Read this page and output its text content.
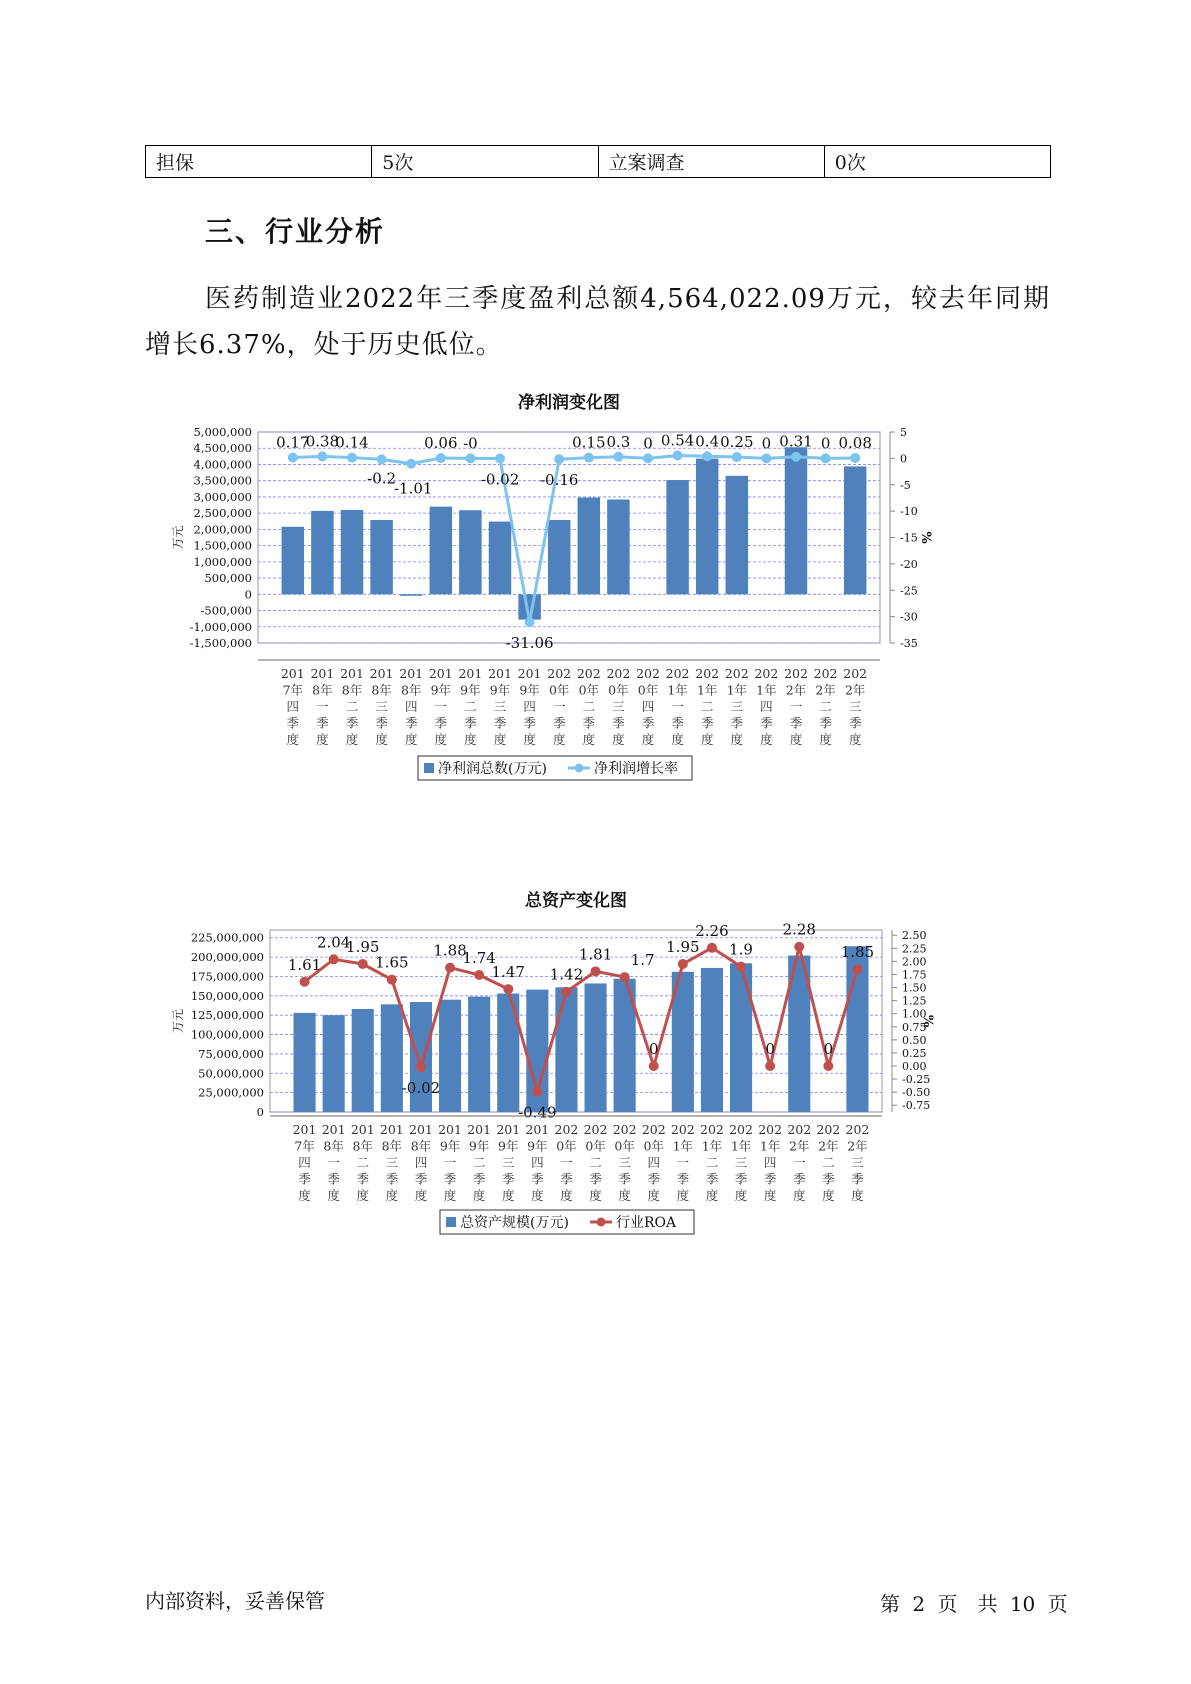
担保	5次	立案调查	0次
三、行业分析

医药制造业2022年三季度盈利总额4,564,022.09万元，较去年同期增长6.37%，处于历史低位。

净利润变化图
5,000,000
4,500,000
4,000,000
3,500,000
3,000,000
2,500,000
2,000,000
1,500,000
1,000,000
500,000
0
-500,000
-1,000,000
-1,500,000
5
0
-5
-10
-15
-20
-25
-30
-35
万元	%
0.17
0.38
0.14
-0.2
-1.01
0.06 -0
-0.02
-31.06
-0.16
0.15 0.3 0 0.54 0.4 0.25 0 0.31 0 0.08
201
7年
四
季
度
201
8年
一
季
度
201
8年
二
季
度
201
8年
三
季
度
201
8年
四
季
度
201
9年
一
季
度
201
9年
二
季
度
201
9年
三
季
度
201
9年
四
季
度
202
0年
一
季
度
202
0年
二
季
度
202
0年
三
季
度
202
0年
四
季
度
202
1年
一
季
度
202
1年
二
季
度
202
1年
三
季
度
202
1年
四
季
度
202
2年
一
季
度
202
2年
二
季
度
202
2年
三
季
度
净利润总数(万元)	净利润增长率
总资产变化图
225,000,000
200,000,000
175,000,000
150,000,000
125,000,000
100,000,000
75,000,000
50,000,000
25,000,000
0
2.50
2.25
2.00
1.75
1.50
1.25
1.00
0.75
0.50
0.25
0.00
-0.25
-0.50
-0.75
万元	%
1.61
2.04
1.95
1.65
-0.02
1.88
1.74
1.47
-0.49
1.42
1.81 1.7
0
1.95
2.26
1.9
0
2.28
0
1.85
201
7年
四
季
度
201
8年
一
季
度
201
8年
二
季
度
201
8年
三
季
度
201
8年
四
季
度
201
9年
一
季
度
201
9年
二
季
度
201
9年
三
季
度
201
9年
四
季
度
202
0年
一
季
度
202
0年
二
季
度
202
0年
三
季
度
202
0年
四
季
度
202
1年
一
季
度
202
1年
二
季
度
202
1年
三
季
度
202
1年
四
季
度
202
2年
一
季
度
202
2年
二
季
度
202
2年
三
季
度
总资产规模(万元)	行业ROA
内部资料，妥善保管	第 2 页　共 10 页
